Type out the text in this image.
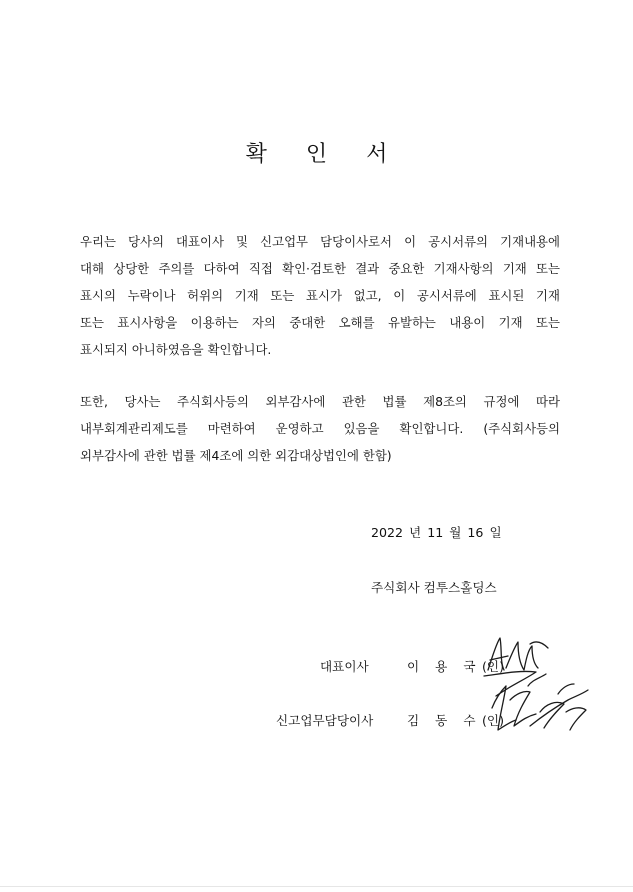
확 인 서
우리는 당사의 대표이사 및 신고업무 담당이사로서 이 공시서류의 기재내용에
대해 상당한 주의를 다하여 직접 확인·검토한 결과 중요한 기재사항의 기재 또는
표시의 누락이나 허위의 기재 또는 표시가 없고, 이 공시서류에 표시된 기재
또는 표시사항을 이용하는 자의 중대한 오해를 유발하는 내용이 기재 또는
표시되지 아니하였음을 확인합니다.
또한, 당사는 주식회사등의 외부감사에 관한 법률 제8조의 규정에 따라
내부회계관리제도를 마련하여 운영하고 있음을 확인합니다. (주식회사등의
외부감사에 관한 법률 제4조에 의한 외감대상법인에 한함)
2022 년 11 월 16 일
주식회사 컴투스홀딩스
대표이사	이 용 국 (인)
신고업무담당이사	김 동 수 (인)
